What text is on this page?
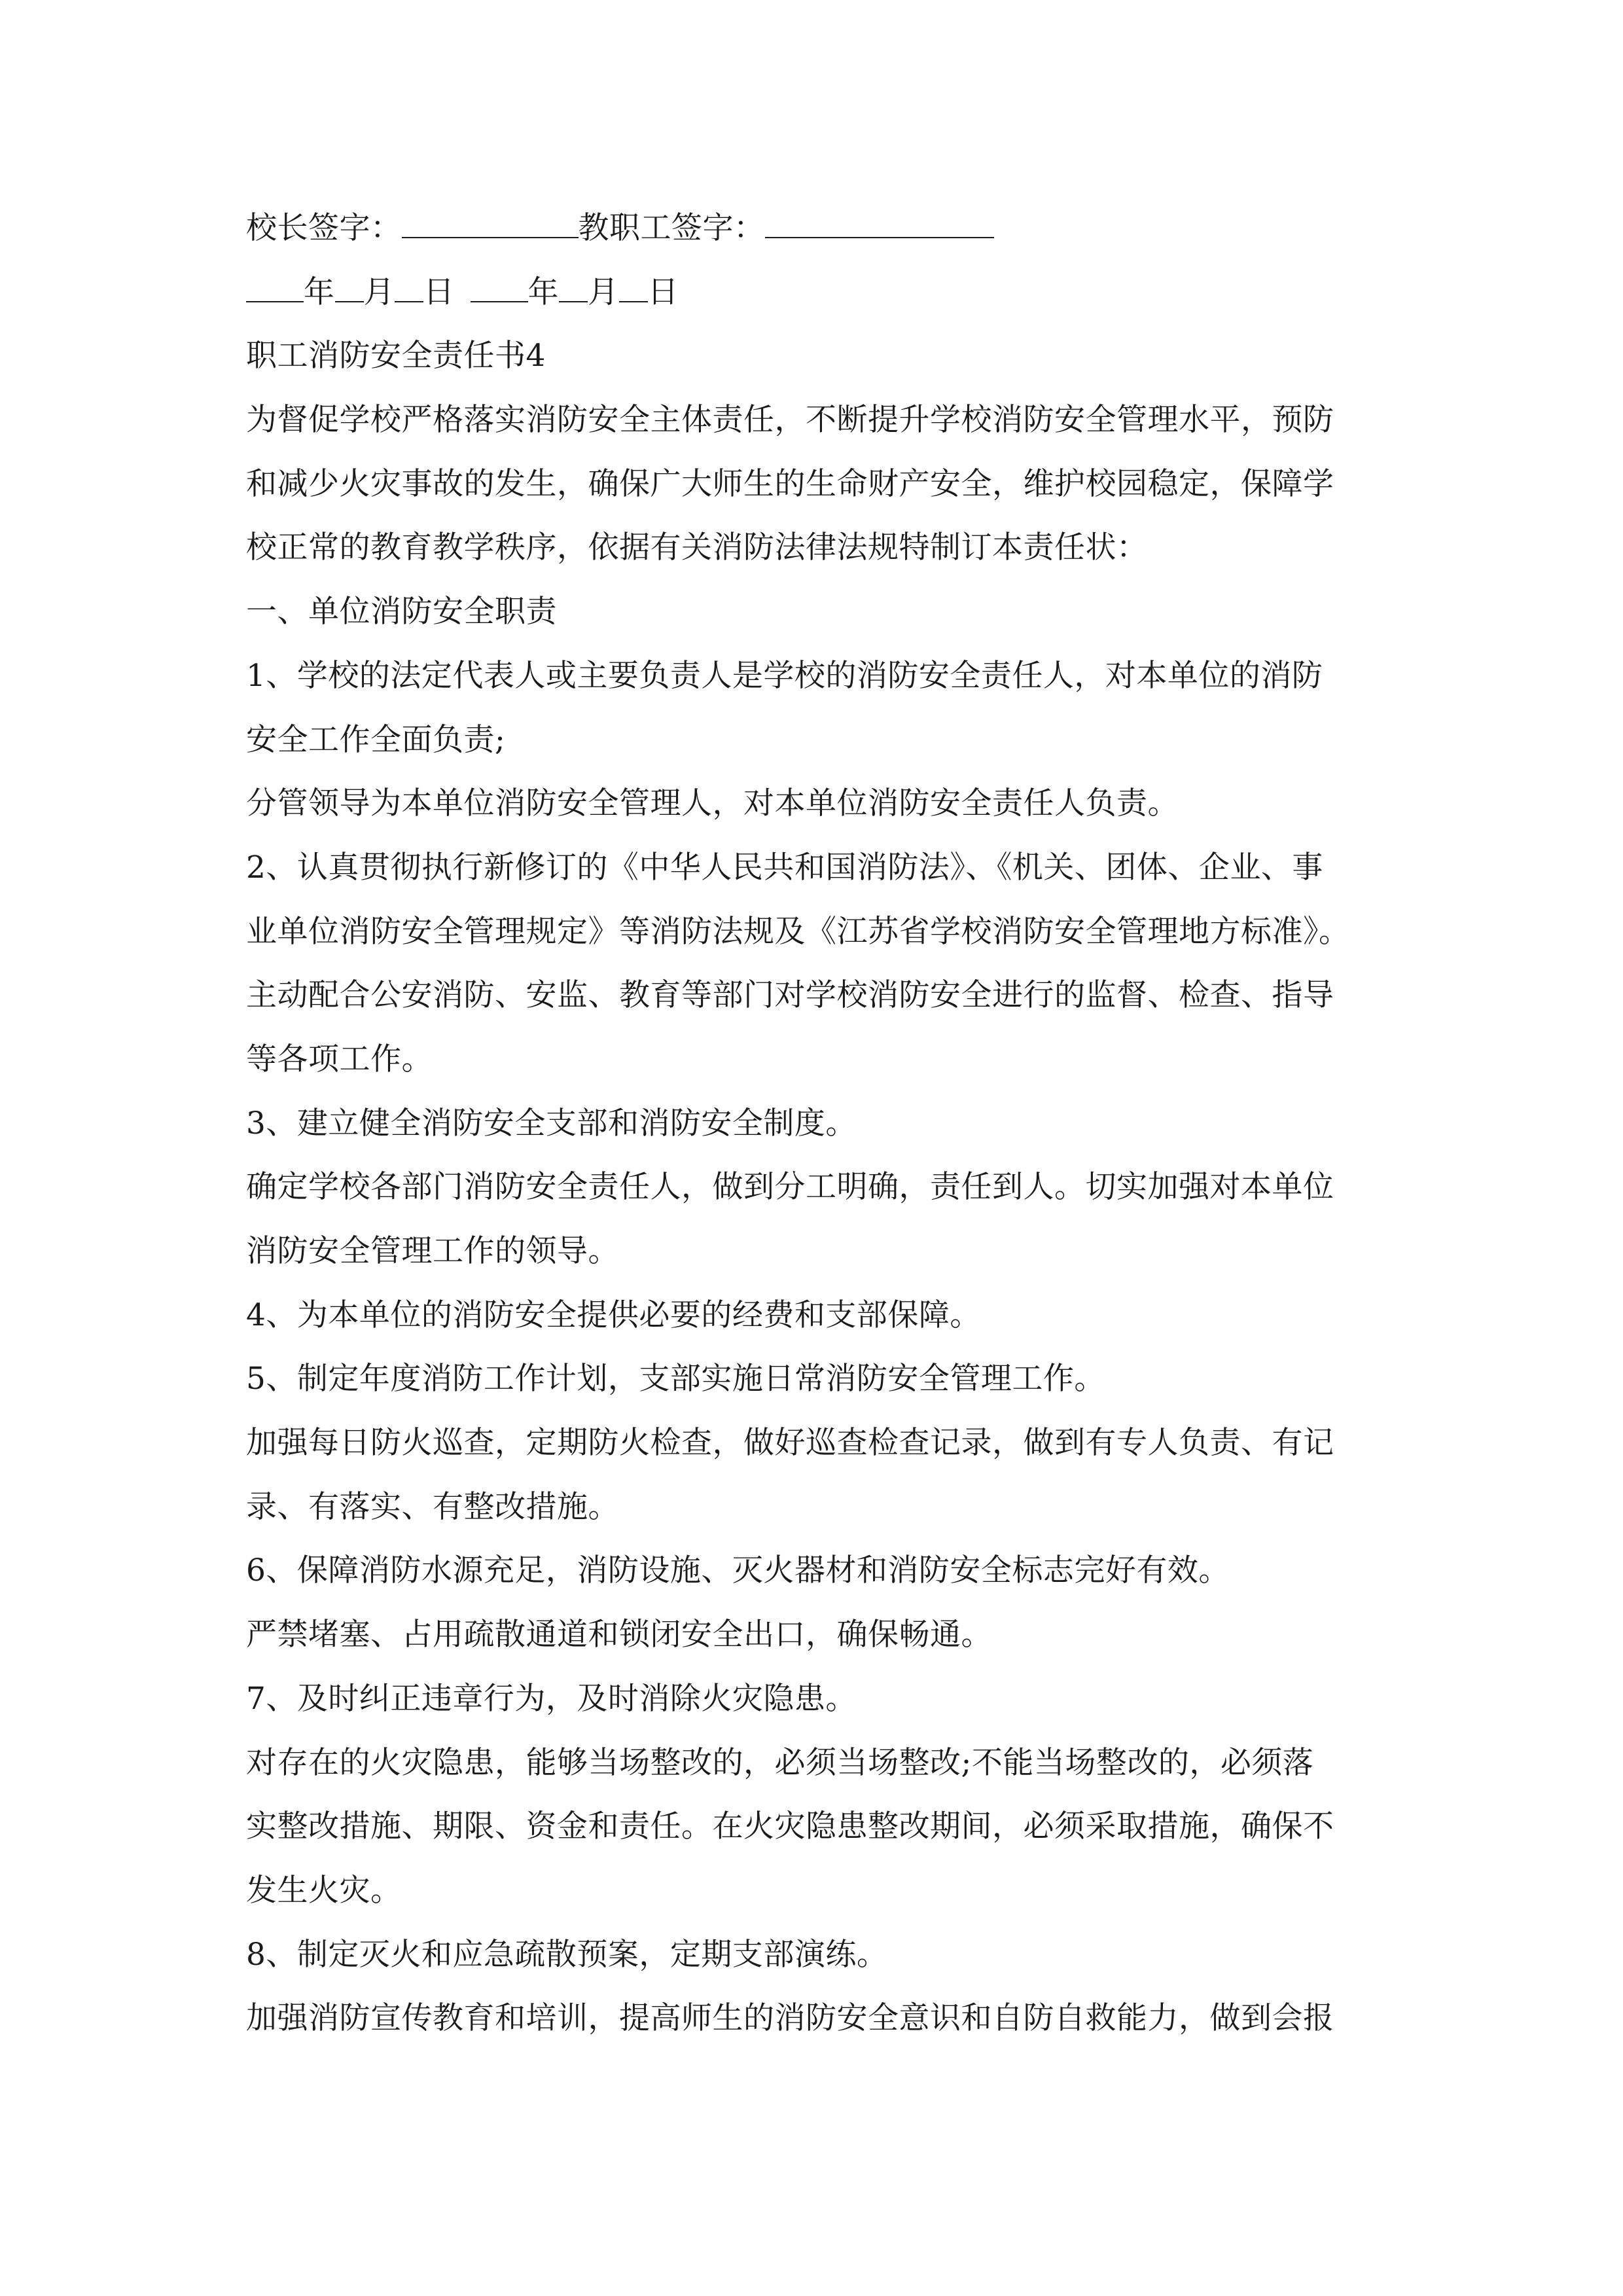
校长签字：	教职工签字：
年 月 日 年 月 日
职工消防安全责任书4
为督促学校严格落实消防安全主体责任，不断提升学校消防安全管理水平，预防
和减少火灾事故的发生，确保广大师生的生命财产安全，维护校园稳定，保障学
校正常的教育教学秩序，依据有关消防法律法规特制订本责任状：
一、单位消防安全职责
1、学校的法定代表人或主要负责人是学校的消防安全责任人，对本单位的消防
安全工作全面负责;
分管领导为本单位消防安全管理人，对本单位消防安全责任人负责。
2、认真贯彻执行新修订的《中华人民共和国消防法》、《机关、团体、企业、事
业单位消防安全管理规定》等消防法规及《江苏省学校消防安全管理地方标准》。
主动配合公安消防、安监、教育等部门对学校消防安全进行的监督、检查、指导
等各项工作。
3、建立健全消防安全支部和消防安全制度。
确定学校各部门消防安全责任人，做到分工明确，责任到人。切实加强对本单位
消防安全管理工作的领导。
4、为本单位的消防安全提供必要的经费和支部保障。
5、制定年度消防工作计划，支部实施日常消防安全管理工作。
加强每日防火巡查，定期防火检查，做好巡查检查记录，做到有专人负责、有记
录、有落实、有整改措施。
6、保障消防水源充足，消防设施、灭火器材和消防安全标志完好有效。
严禁堵塞、占用疏散通道和锁闭安全出口，确保畅通。
7、及时纠正违章行为，及时消除火灾隐患。
对存在的火灾隐患，能够当场整改的，必须当场整改;不能当场整改的，必须落
实整改措施、期限、资金和责任。在火灾隐患整改期间，必须采取措施，确保不
发生火灾。
8、制定灭火和应急疏散预案，定期支部演练。
加强消防宣传教育和培训，提高师生的消防安全意识和自防自救能力，做到会报
